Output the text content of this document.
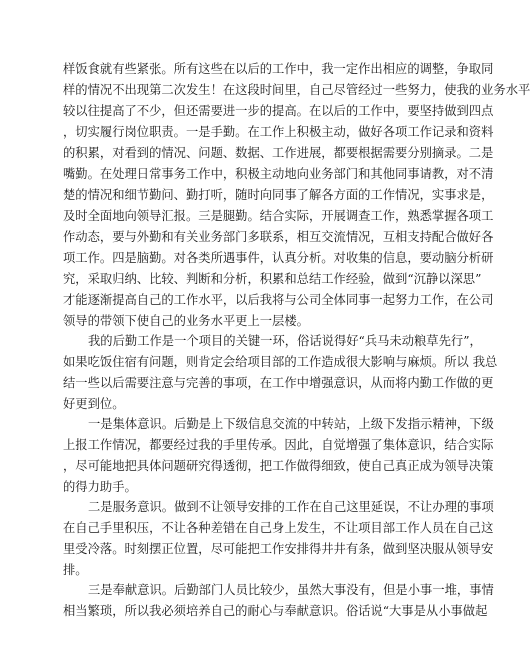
样饭食就有些紧张。所有这些在以后的工作中，我一定作出相应的调整，争取同
样的情况不出现第二次发生！在这段时间里，自己尽管经过一些努力，使我的业务水平
较以往提高了不少，但还需要进一步的提高。在以后的工作中，要坚持做到四点
，切实履行岗位职责。一是手勤。在工作上积极主动，做好各项工作记录和资料
的积累，对看到的情况、问题、数据、工作进展，都要根据需要分别摘录。二是
嘴勤。在处理日常事务工作中，积极主动地向业务部门和其他同事请教，对不清
楚的情况和细节勤问、勤打听，随时向同事了解各方面的工作情况，实事求是，
及时全面地向领导汇报。三是腿勤。结合实际，开展调查工作，熟悉掌握各项工
作动态，要与外勤和有关业务部门多联系，相互交流情况，互相支持配合做好各
项工作。四是脑勤。对各类所遇事件，认真分析。对收集的信息，要动脑分析研
究，采取归纳、比较、判断和分析，积累和总结工作经验，做到“沉静以深思”
才能逐渐提高自己的工作水平，以后我将与公司全体同事一起努力工作，在公司
领导的带领下使自己的业务水平更上一层楼。
我的后勤工作是一个项目的关键一环，俗话说得好“兵马未动粮草先行”，
如果吃饭住宿有问题，则肯定会给项目部的工作造成很大影响与麻烦。所以 我总
结一些以后需要注意与完善的事项，在工作中增强意识，从而将内勤工作做的更
好更到位。
一是集体意识。后勤是上下级信息交流的中转站，上级下发指示精神，下级
上报工作情况，都要经过我的手里传承。因此，自觉增强了集体意识，结合实际
，尽可能地把具体问题研究得透彻，把工作做得细致，使自己真正成为领导决策
的得力助手。
二是服务意识。做到不让领导安排的工作在自己这里延误，不让办理的事项
在自己手里积压，不让各种差错在自己身上发生，不让项目部工作人员在自己这
里受冷落。时刻摆正位置，尽可能把工作安排得井井有条，做到坚决服从领导安
排。
三是奉献意识。后勤部门人员比较少，虽然大事没有，但是小事一堆，事情
相当繁琐，所以我必须培养自己的耐心与奉献意识。俗话说“大事是从小事做起
